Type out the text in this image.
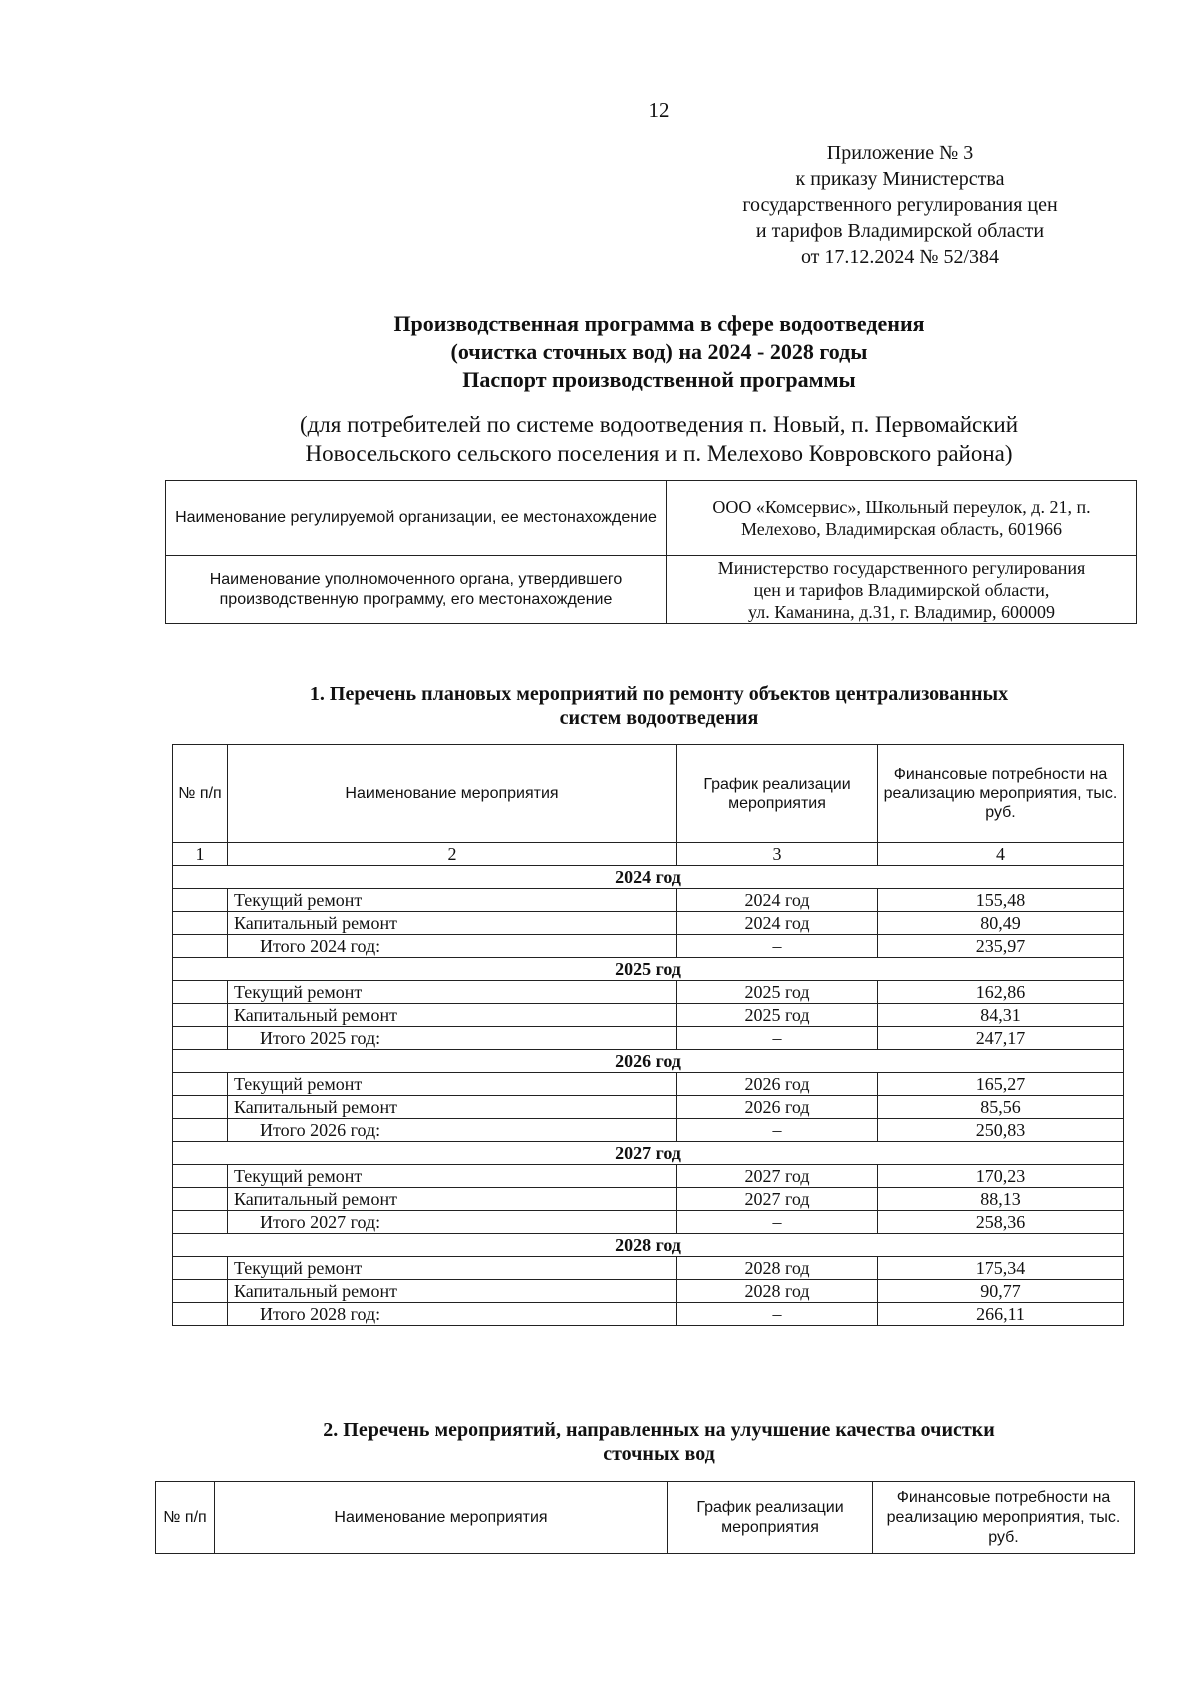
12
Приложение № 3
к приказу Министерства
государственного регулирования цен
и тарифов Владимирской области
от 17.12.2024 № 52/384
Производственная программа в сфере водоотведения
(очистка сточных вод) на 2024 - 2028 годы
Паспорт производственной программы
(для потребителей по системе водоотведения п. Новый, п. Первомайский
Новосельского сельского поселения и п. Мелехово Ковровского района)
Наименование регулируемой организации, ее местонахождение	ООО «Комсервис», Школьный переулок, д. 21, п. Мелехово, Владимирская область, 601966
Наименование уполномоченного органа, утвердившего производственную программу, его местонахождение	Министерство государственного регулирования
цен и тарифов Владимирской области,
ул. Каманина, д.31, г. Владимир, 600009
1. Перечень плановых мероприятий по ремонту объектов централизованных
систем водоотведения
№ п/п	Наименование мероприятия	График реализации мероприятия	Финансовые потребности на реализацию мероприятия, тыс. руб.
1	2	3	4
2024 год			
	Текущий ремонт	2024 год	155,48
	Капитальный ремонт	2024 год	80,49
	Итого 2024 год:	–	235,97
2025 год			
	Текущий ремонт	2025 год	162,86
	Капитальный ремонт	2025 год	84,31
	Итого 2025 год:	–	247,17
2026 год			
	Текущий ремонт	2026 год	165,27
	Капитальный ремонт	2026 год	85,56
	Итого 2026 год:	–	250,83
2027 год			
	Текущий ремонт	2027 год	170,23
	Капитальный ремонт	2027 год	88,13
	Итого 2027 год:	–	258,36
2028 год			
	Текущий ремонт	2028 год	175,34
	Капитальный ремонт	2028 год	90,77
	Итого 2028 год:	–	266,11
2. Перечень мероприятий, направленных на улучшение качества очистки
сточных вод
№ п/п	Наименование мероприятия	График реализации мероприятия	Финансовые потребности на реализацию мероприятия, тыс. руб.
